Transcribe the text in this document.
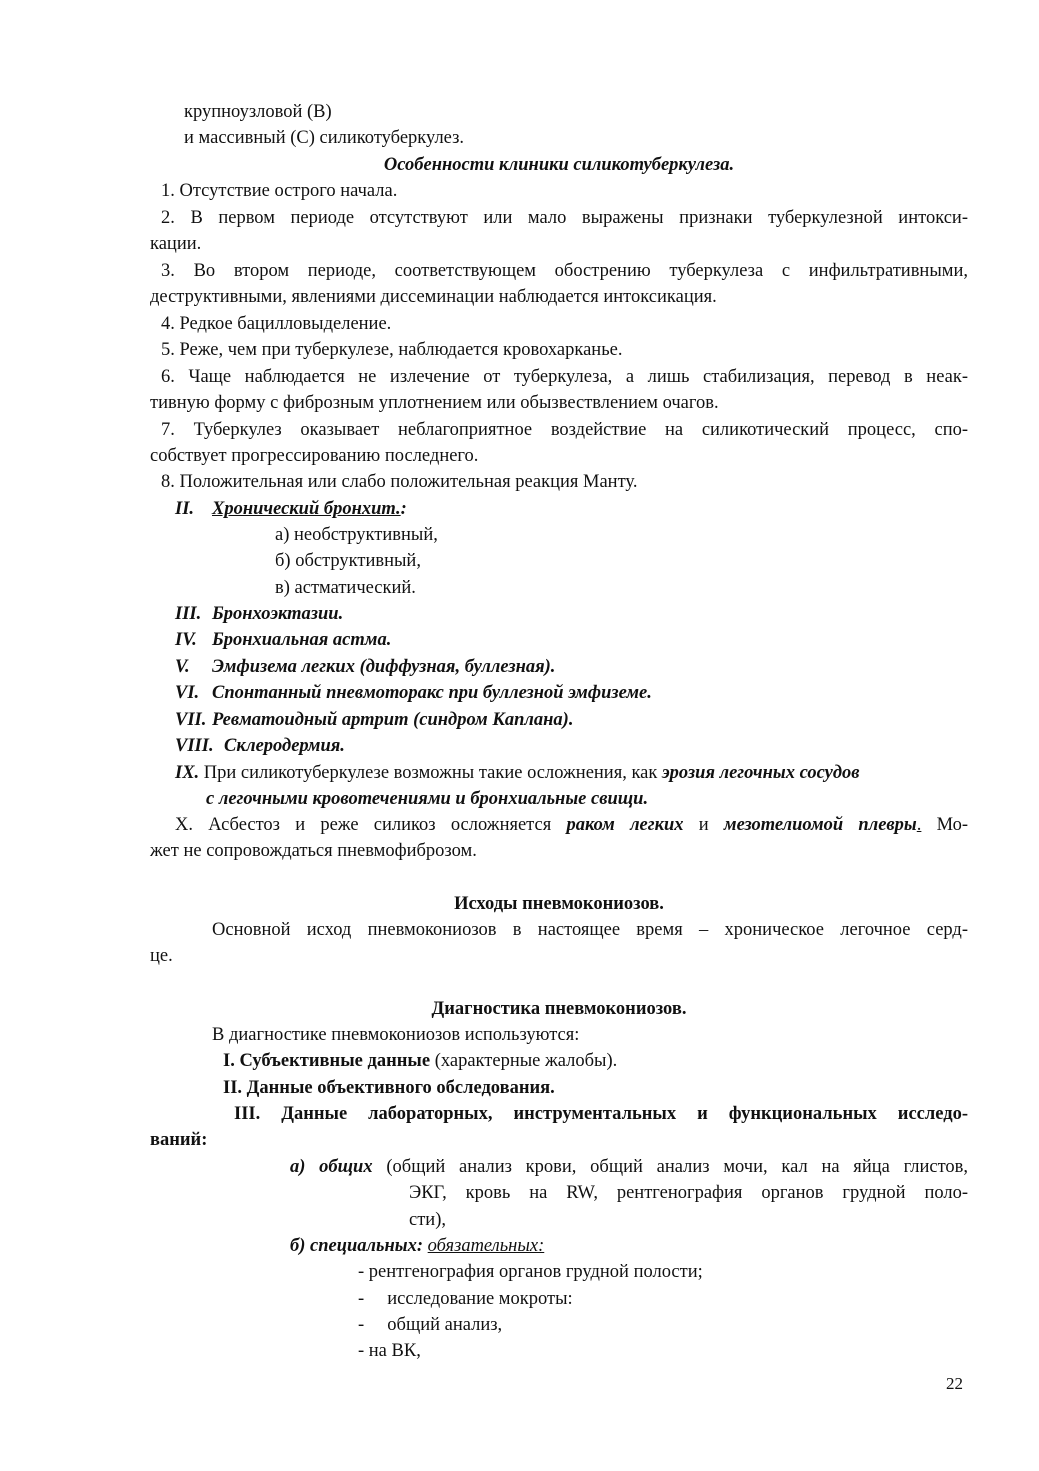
крупноузловой (В)
и массивный (С) силикотуберкулез.
Особенности клиники силикотуберкулеза.
1. Отсутствие острого начала.
2. В первом периоде отсутствуют или мало выражены признаки туберкулезной интокси-
кации.
3. Во втором периоде, соответствующем обострению туберкулеза с инфильтративными,
деструктивными, явлениями диссеминации наблюдается интоксикация.
4. Редкое бацилловыделение.
5. Реже, чем при туберкулезе, наблюдается кровохарканье.
6. Чаще наблюдается не излечение от туберкулеза, а лишь стабилизация, перевод в неак-
тивную форму с фиброзным уплотнением или обызвествлением очагов.
7. Туберкулез оказывает неблагоприятное воздействие на силикотический процесс, спо-
собствует прогрессированию последнего.
8. Положительная или слабо положительная реакция Манту.
II. Хронический бронхит.:
а) необструктивный,
б) обструктивный,
в) астматический.
III. Бронхоэктазии.
IV. Бронхиальная астма.
V. Эмфизема легких (диффузная, буллезная).
VI. Спонтанный пневмоторакс при буллезной эмфиземе.
VII. Ревматоидный артрит (синдром Каплана).
VIII. Склеродермия.
IX. При силикотуберкулезе возможны такие осложнения, как эрозия легочных сосудов
с легочными кровотечениями и бронхиальные свищи.
X. Асбестоз и реже силикоз осложняется раком легких и мезотелиомой плевры. Мо-
жет не сопровождаться пневмофиброзом.
Исходы пневмокониозов.
Основной исход пневмокониозов в настоящее время – хроническое легочное серд-
це.
Диагностика пневмокониозов.
В диагностике пневмокониозов используются:
I. Субъективные данные (характерные жалобы).
II. Данные объективного обследования.
III. Данные лабораторных, инструментальных и функциональных исследо-
ваний:
а) общих (общий анализ крови, общий анализ мочи, кал на яйца глистов,
ЭКГ, кровь на RW, рентгенография органов грудной поло-
сти),
б) специальных: обязательных:
- рентгенография органов грудной полости;
-     исследование мокроты:
-     общий анализ,
- на ВК,
22
